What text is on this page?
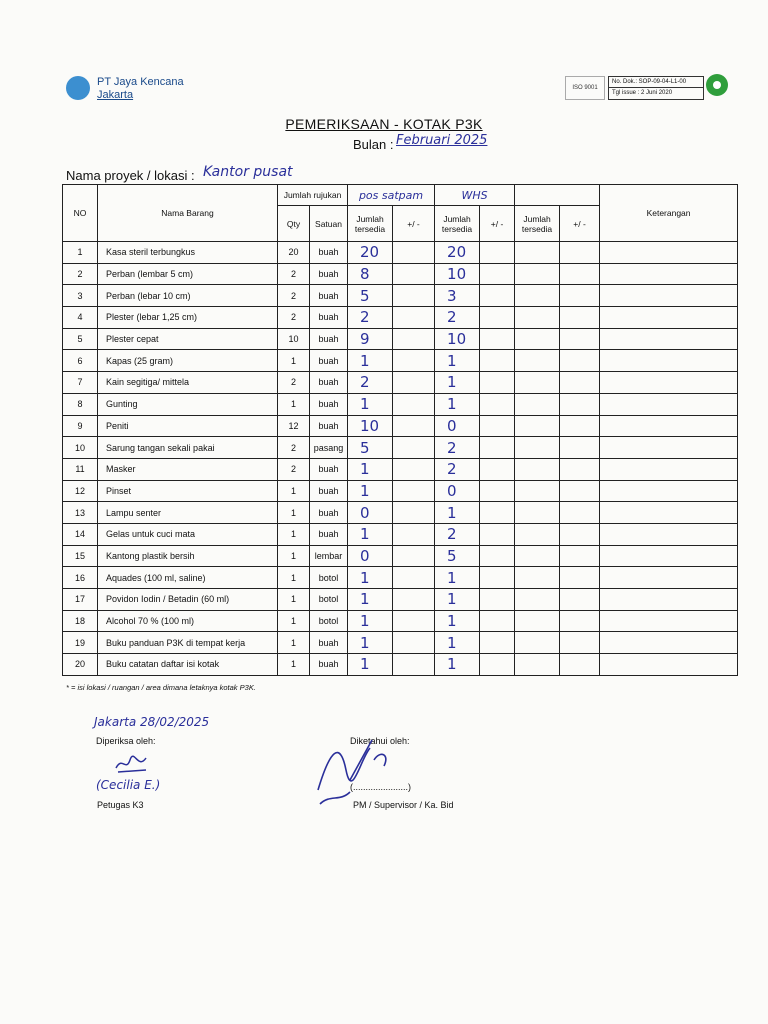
PT Jaya Kencana
Jakarta
ISO 9001
No. Dok.: SOP-09-04-L1-00
Tgl issue : 2 Juni 2020
PEMERIKSAAN - KOTAK P3K
Bulan : Februari 2025
Nama proyek / lokasi : Kantor pusat
NO	Nama Barang	Jumlah rujukan		pos satpam		WHS				Keterangan
		Qty	Satuan	Jumlah tersedia	+/ -	Jumlah tersedia	+/ -	Jumlah tersedia	+/ -	
1	Kasa steril terbungkus	20	buah	20		20				
2	Perban (lembar 5 cm)	2	buah	8		10				
3	Perban (lebar 10 cm)	2	buah	5		3				
4	Plester (lebar 1,25 cm)	2	buah	2		2				
5	Plester cepat	10	buah	9		10				
6	Kapas (25 gram)	1	buah	1		1				
7	Kain segitiga/ mittela	2	buah	2		1				
8	Gunting	1	buah	1		1				
9	Peniti	12	buah	10		0				
10	Sarung tangan sekali pakai	2	pasang	5		2				
11	Masker	2	buah	1		2				
12	Pinset	1	buah	1		0				
13	Lampu senter	1	buah	0		1				
14	Gelas untuk cuci mata	1	buah	1		2				
15	Kantong plastik bersih	1	lembar	0		5				
16	Aquades (100 ml, saline)	1	botol	1		1				
17	Povidon Iodin / Betadin (60 ml)	1	botol	1		1				
18	Alcohol 70 % (100 ml)	1	botol	1		1				
19	Buku panduan P3K di tempat kerja	1	buah	1		1				
20	Buku catatan daftar isi kotak	1	buah	1		1				
* = isi lokasi / ruangan / area dimana letaknya kotak P3K.
Jakarta 28/02/2025
Diperiksa oleh:
(Cecilia E.)
Petugas K3
Diketahui oleh:
(......................)
PM / Supervisor / Ka. Bid
